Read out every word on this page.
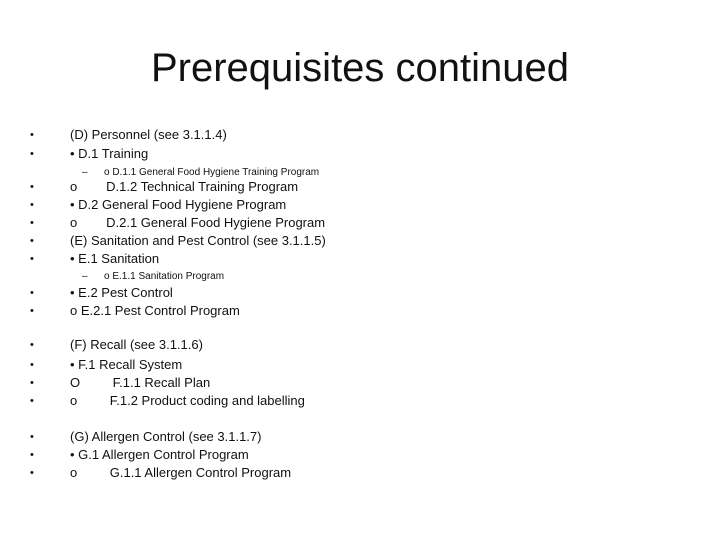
Prerequisites continued
•	(D) Personnel (see 3.1.1.4)
•	• D.1 Training
– o D.1.1 General Food Hygiene Training Program
•	o        D.1.2 Technical Training Program
•	• D.2 General Food Hygiene Program
•	o        D.2.1 General Food Hygiene Program
•	(E) Sanitation and Pest Control (see 3.1.1.5)
•	• E.1 Sanitation
– o E.1.1 Sanitation Program
•	• E.2 Pest Control
•	o E.2.1 Pest Control Program
•	(F) Recall (see 3.1.1.6)
•	• F.1 Recall System
•	O         F.1.1 Recall Plan
•	o         F.1.2 Product coding and labelling
•	(G) Allergen Control (see 3.1.1.7)
•	• G.1 Allergen Control Program
•	o         G.1.1 Allergen Control Program
